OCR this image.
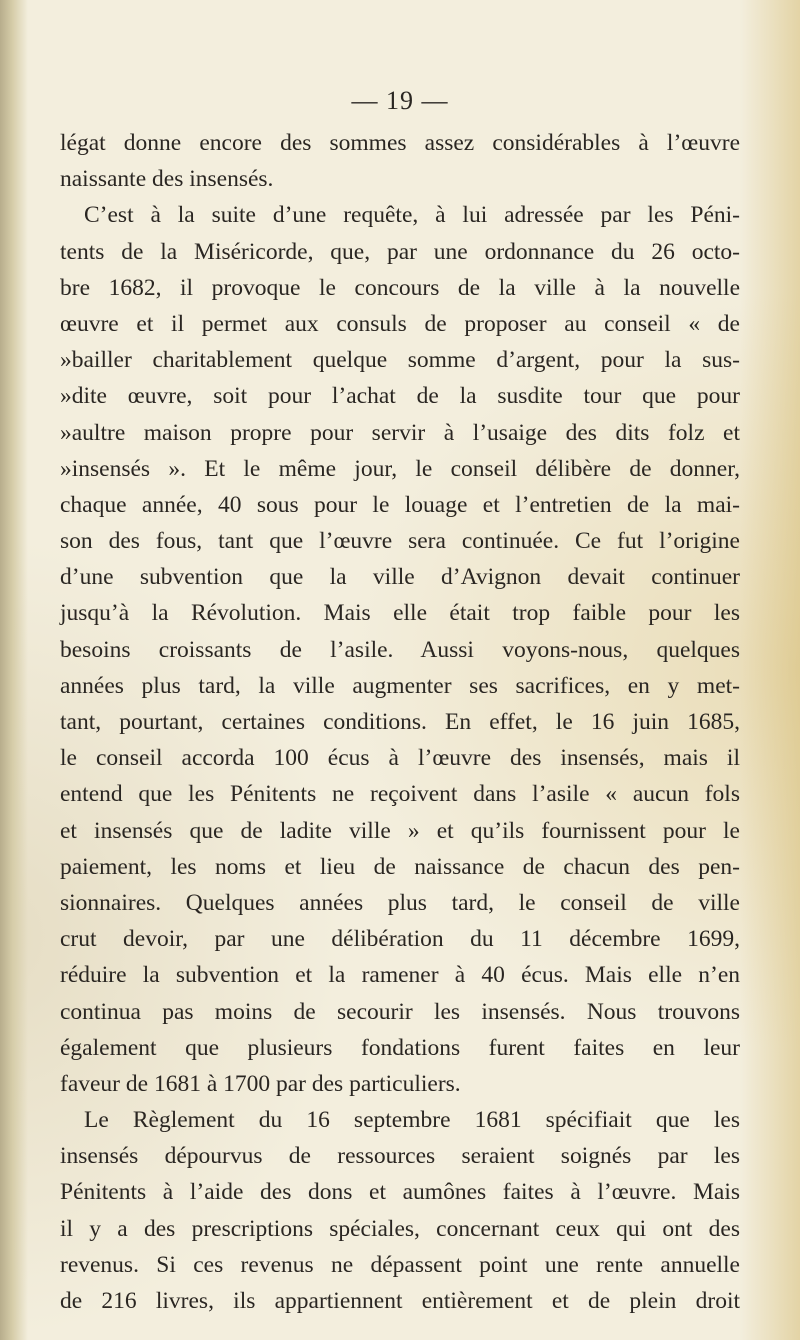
— 19 —
légat donne encore des sommes assez considérables à l’œuvre
naissante des insensés.
C’est à la suite d’une requête, à lui adressée par les Péni-
tents de la Miséricorde, que, par une ordonnance du 26 octo-
bre 1682, il provoque le concours de la ville à la nouvelle
œuvre et il permet aux consuls de proposer au conseil « de
»bailler charitablement quelque somme d’argent, pour la sus-
»dite œuvre, soit pour l’achat de la susdite tour que pour
»aultre maison propre pour servir à l’usaige des dits folz et
»insensés ». Et le même jour, le conseil délibère de donner,
chaque année, 40 sous pour le louage et l’entretien de la mai-
son des fous, tant que l’œuvre sera continuée. Ce fut l’origine
d’une subvention que la ville d’Avignon devait continuer
jusqu’à la Révolution. Mais elle était trop faible pour les
besoins croissants de l’asile. Aussi voyons-nous, quelques
années plus tard, la ville augmenter ses sacrifices, en y met-
tant, pourtant, certaines conditions. En effet, le 16 juin 1685,
le conseil accorda 100 écus à l’œuvre des insensés, mais il
entend que les Pénitents ne reçoivent dans l’asile « aucun fols
et insensés que de ladite ville » et qu’ils fournissent pour le
paiement, les noms et lieu de naissance de chacun des pen-
sionnaires. Quelques années plus tard, le conseil de ville
crut devoir, par une délibération du 11 décembre 1699,
réduire la subvention et la ramener à 40 écus. Mais elle n’en
continua pas moins de secourir les insensés. Nous trouvons
également que plusieurs fondations furent faites en leur
faveur de 1681 à 1700 par des particuliers.
Le Règlement du 16 septembre 1681 spécifiait que les
insensés dépourvus de ressources seraient soignés par les
Pénitents à l’aide des dons et aumônes faites à l’œuvre. Mais
il y a des prescriptions spéciales, concernant ceux qui ont des
revenus. Si ces revenus ne dépassent point une rente annuelle
de 216 livres, ils appartiennent entièrement et de plein droit
